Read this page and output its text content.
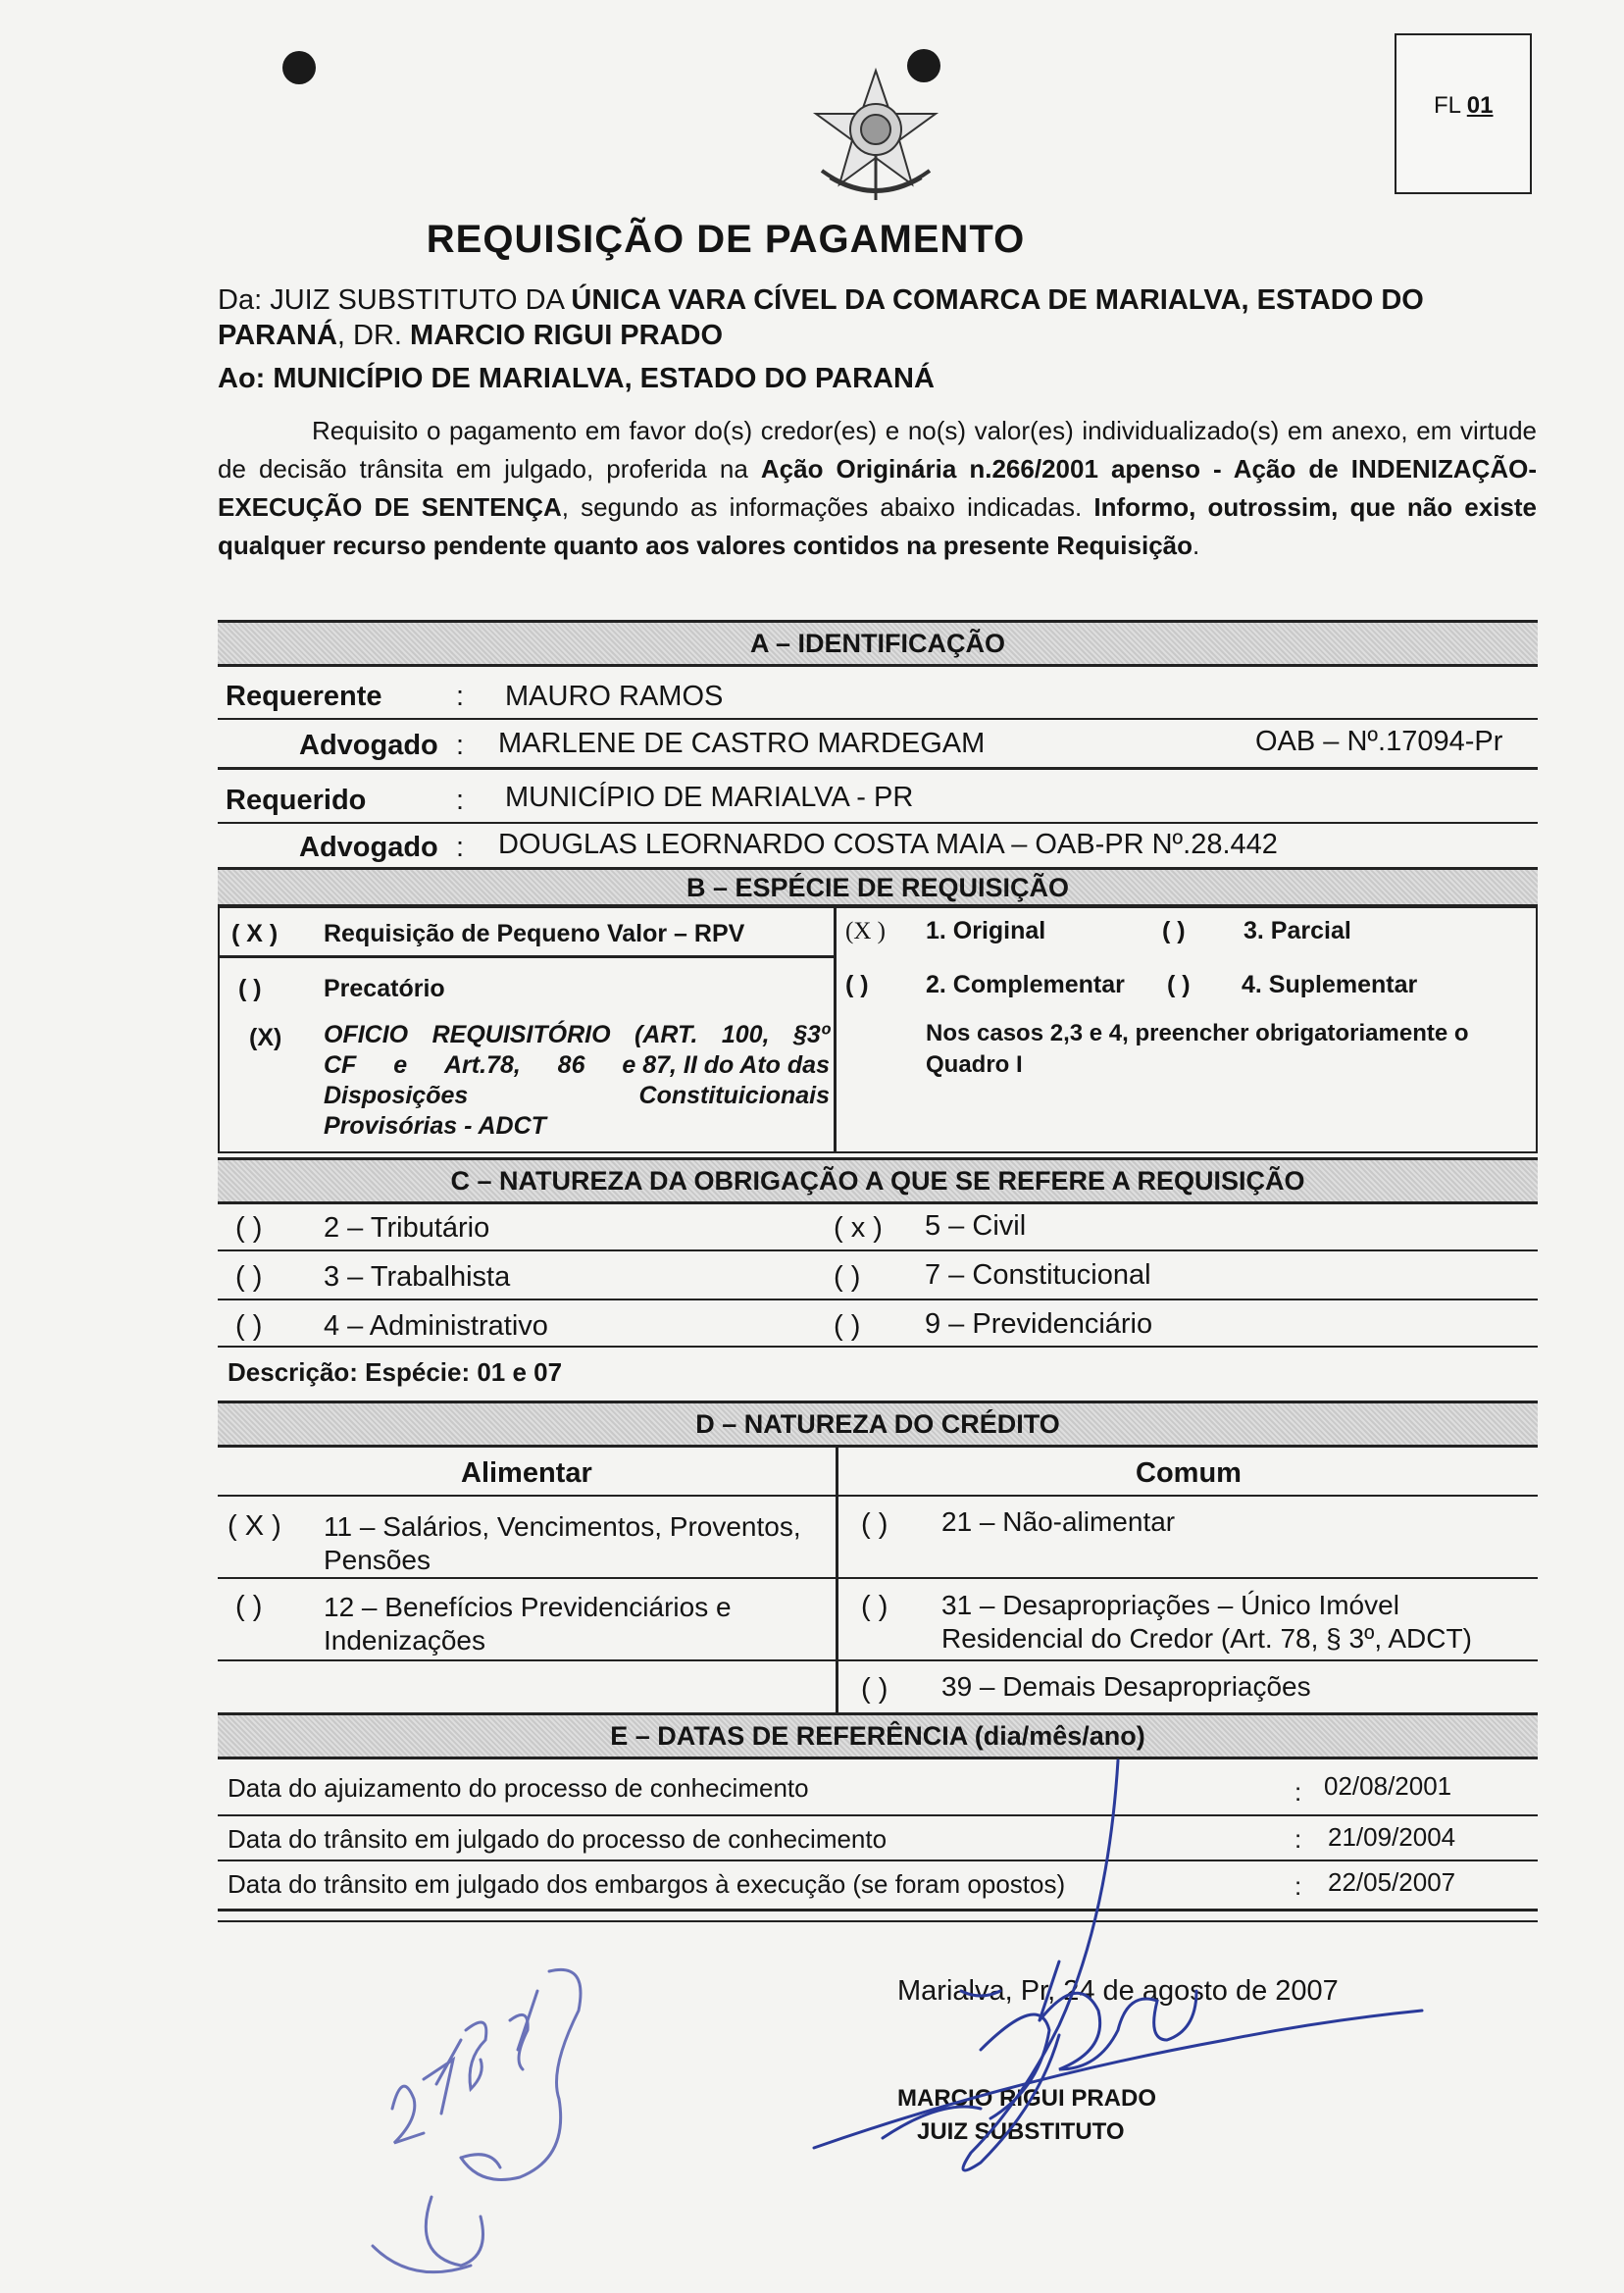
FL 01
REQUISIÇÃO DE PAGAMENTO
Da: JUIZ SUBSTITUTO DA ÚNICA VARA CÍVEL DA COMARCA DE MARIALVA, ESTADO DO PARANÁ, DR. MARCIO RIGUI PRADO
Ao: MUNICÍPIO DE MARIALVA, ESTADO DO PARANÁ
Requisito o pagamento em favor do(s) credor(es) e no(s) valor(es) individualizado(s) em anexo, em virtude de decisão trânsita em julgado, proferida na Ação Originária n.266/2001 apenso - Ação de INDENIZAÇÃO-EXECUÇÃO DE SENTENÇA, segundo as informações abaixo indicadas. Informo, outrossim, que não existe qualquer recurso pendente quanto aos valores contidos na presente Requisição.
A – IDENTIFICAÇÃO
Requerente	: MAURO RAMOS
Advogado : MARLENE DE CASTRO MARDEGAM	OAB – Nº.17094-Pr
Requerido	: MUNICÍPIO DE MARIALVA - PR
Advogado : DOUGLAS LEORNARDO COSTA MAIA – OAB-PR Nº.28.442
B – ESPÉCIE DE REQUISIÇÃO
( X ) Requisição de Pequeno Valor – RPV
( )	Precatório
(X) OFICIO REQUISITÓRIO (ART. 100, §3º
CF e Art.78, 86 e 87, II do Ato das
Disposições	Constituicionais
Provisórias - ADCT
(X ) 1. Original	( ) 3. Parcial
( ) 2. Complementar ( ) 4. Suplementar
Nos casos 2,3 e 4, preencher obrigatoriamente o Quadro I
C – NATUREZA DA OBRIGAÇÃO A QUE SE REFERE A REQUISIÇÃO
( ) 2 – Tributário	( x ) 5 – Civil
( ) 3 – Trabalhista	( ) 7 – Constitucional
( ) 4 – Administrativo	( ) 9 – Previdenciário
Descrição: Espécie: 01 e 07
D – NATUREZA DO CRÉDITO
Alimentar	Comum
( X ) 11 – Salários, Vencimentos, Proventos,
Pensões
( ) 21 – Não-alimentar
( ) 12 – Benefícios Previdenciários e
Indenizações
( ) 31 – Desapropriações – Único Imóvel
Residencial do Credor (Art. 78, § 3º, ADCT)
( ) 39 – Demais Desapropriações
E – DATAS DE REFERÊNCIA (dia/mês/ano)
Data do ajuizamento do processo de conhecimento	: 02/08/2001
Data do trânsito em julgado do processo de conhecimento	: 21/09/2004
Data do trânsito em julgado dos embargos à execução (se foram opostos)	: 22/05/2007
Marialva, Pr, 24 de agosto de 2007
MARCIO RIGUI PRADO
JUIZ SUBSTITUTO
